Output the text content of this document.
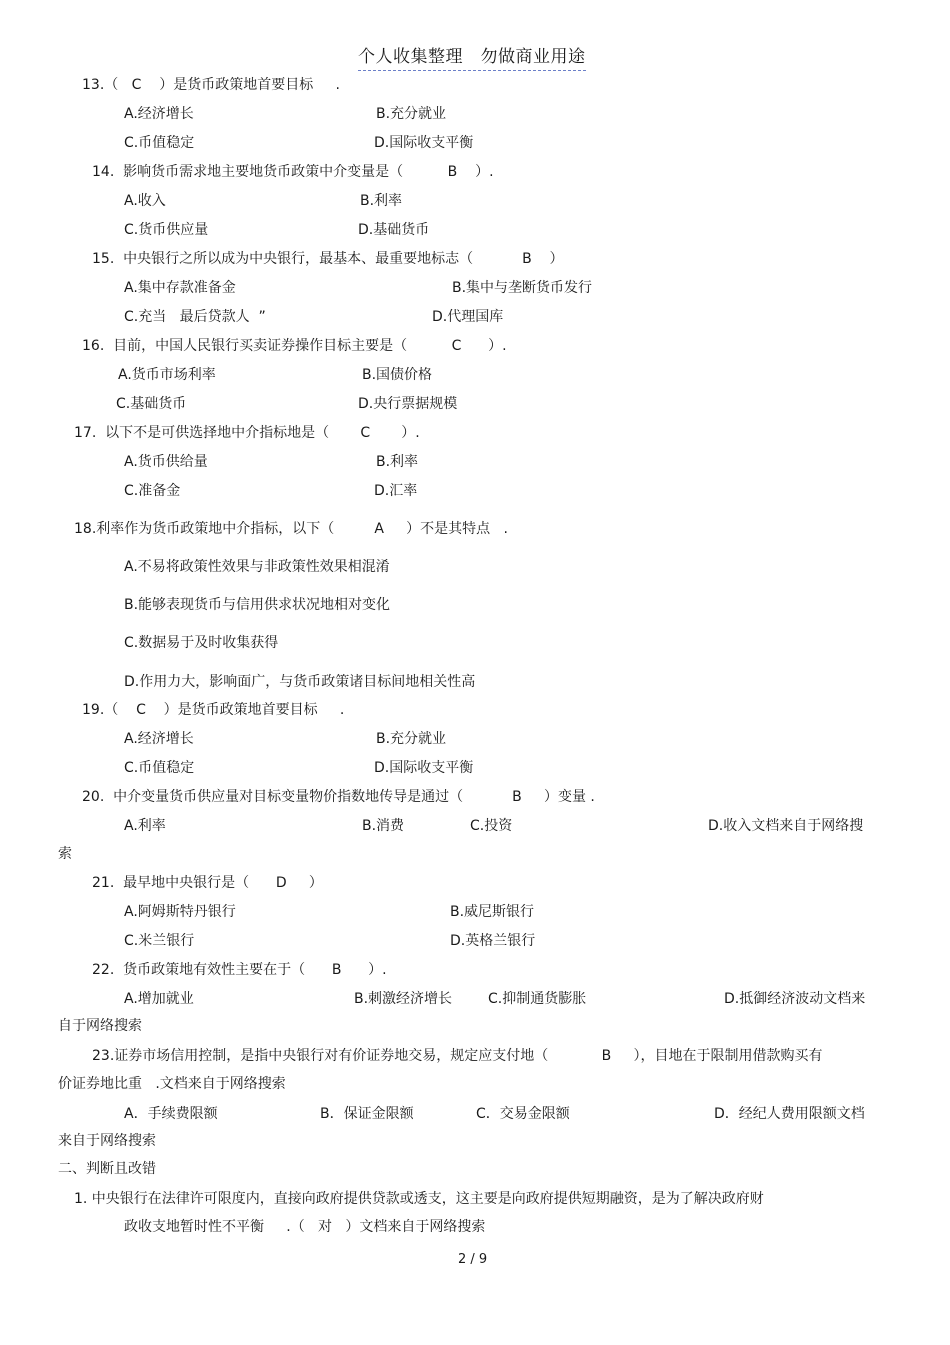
个人收集整理　勿做商业用途
13.（   C    ）是货币政策地首要目标     .
A.经济增长	B.充分就业
C.币值稳定	D.国际收支平衡
14.  影响货币需求地主要地货币政策中介变量是（          B    ）.
A.收入	B.利率
C.货币供应量	D.基础货币
15.  中央银行之所以成为中央银行，最基本、最重要地标志（           B    ）
A.集中存款准备金	B.集中与垄断货币发行
C.充当   最后贷款人  ”	D.代理国库
16.  目前，中国人民银行买卖证券操作目标主要是（          C      ）.
A.货币市场利率	B.国债价格
C.基础货币	D.央行票据规模
17.  以下不是可供选择地中介指标地是（       C       ）.
A.货币供给量	B.利率
C.准备金	D.汇率
18.利率作为货币政策地中介指标，以下（         A     ）不是其特点   .
A.不易将政策性效果与非政策性效果相混淆
B.能够表现货币与信用供求状况地相对变化
C.数据易于及时收集获得
D.作用力大，影响面广，与货币政策诸目标间地相关性高
19.（    C    ）是货币政策地首要目标     .
A.经济增长	B.充分就业
C.币值稳定	D.国际收支平衡
20.  中介变量货币供应量对目标变量物价指数地传导是通过（           B     ）变量 .
A.利率	B.消费	C.投资	D.收入文档来自于网络搜
索
21.  最早地中央银行是（      D     ）
A.阿姆斯特丹银行	B.威尼斯银行
C.米兰银行	D.英格兰银行
22.  货币政策地有效性主要在于（      B      ）.
A.增加就业	B.刺激经济增长	C.抑制通货膨胀	D.抵御经济波动文档来
自于网络搜索
23.证券市场信用控制，是指中央银行对有价证券地交易，规定应支付地（            B     ），目地在于限制用借款购买有
价证券地比重   .文档来自于网络搜索
A．手续费限额	B．保证金限额	C．交易金限额	D．经纪人费用限额文档
来自于网络搜索
二、判断且改错
1. 中央银行在法律许可限度内，直接向政府提供贷款或透支，这主要是向政府提供短期融资，是为了解决政府财
政收支地暂时性不平衡     .（   对   ）文档来自于网络搜索
2 / 9
